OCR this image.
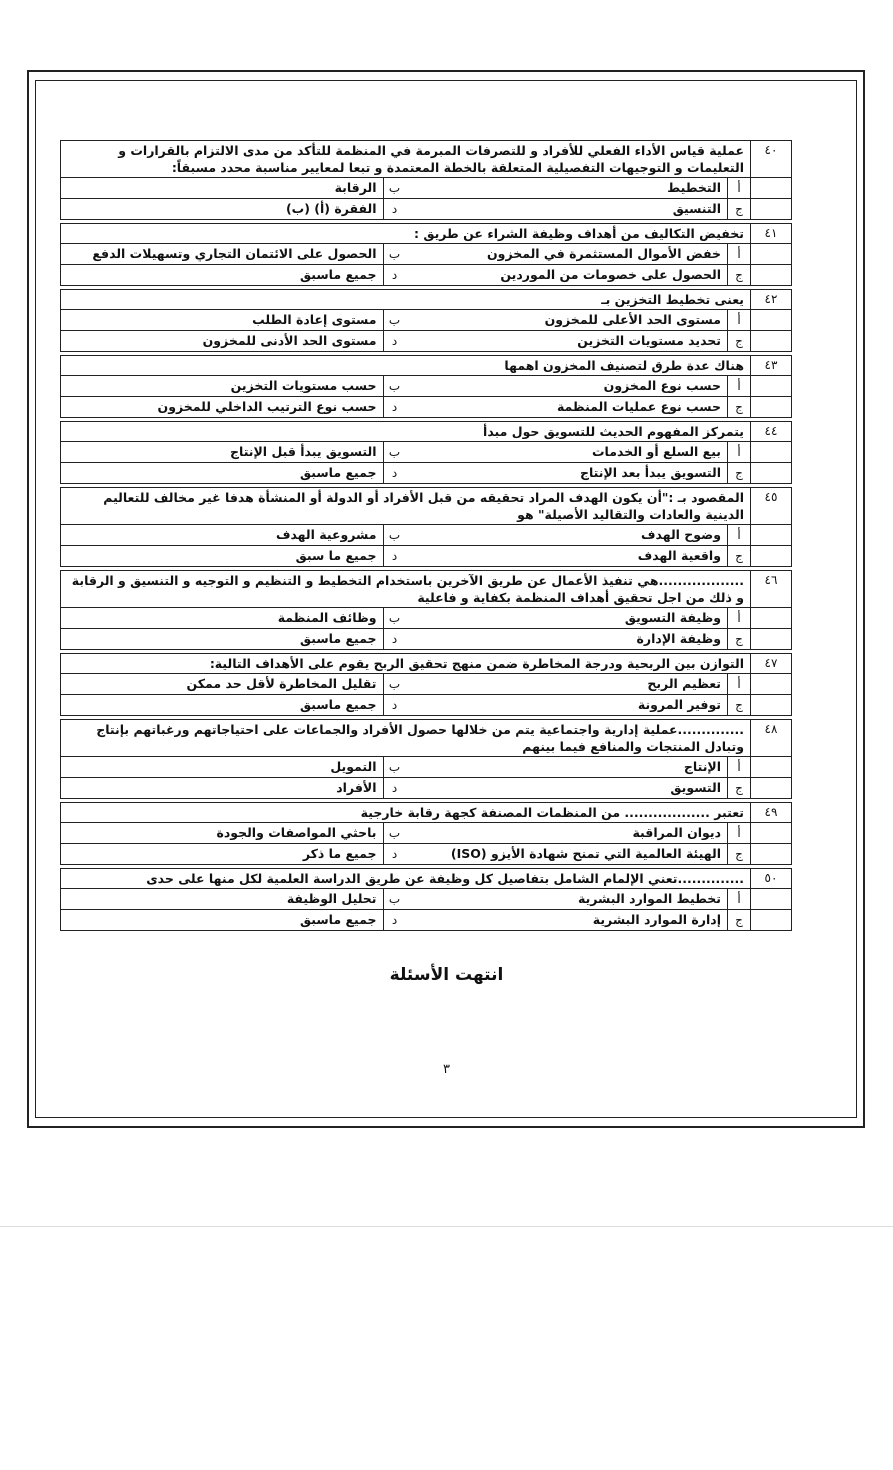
٤٠
عملية قياس الأداء الفعلي للأفراد و للتصرفات المبرمة في المنظمة للتأكد من مدى الالتزام بالقرارات و التعليمات و التوجيهات التفصيلية المتعلقة بالخطة المعتمدة و تبعا لمعايير مناسبة محدد مسبقاً:
أ
التخطيط
ب
الرقابة
ج
التنسيق
د
الفقرة (أ) (ب)
٤١
تخفيض التكاليف من أهداف وظيفة الشراء عن طريق :
أ
خفض الأموال المستثمرة في المخزون
ب
الحصول على الائتمان التجاري وتسهيلات الدفع
ج
الحصول على خصومات من الموردين
د
جميع ماسبق
٤٢
يعنى تخطيط التخزين بـ
أ
مستوى الحد الأعلى للمخزون
ب
مستوى إعادة الطلب
ج
تحديد مستويات التخزين
د
مستوى الحد الأدنى للمخزون
٤٣
هناك عدة طرق لتصنيف المخزون اهمها
أ
حسب نوع المخزون
ب
حسب مستويات التخزين
ج
حسب نوع عمليات المنظمة
د
حسب نوع الترتيب الداخلي للمخزون
٤٤
يتمركز المفهوم الحديث للتسويق حول مبدأ
أ
بيع السلع أو الخدمات
ب
التسويق يبدأ قبل الإنتاج
ج
التسويق يبدأ بعد الإنتاج
د
جميع ماسبق
٤٥
المقصود بـ :"أن يكون الهدف المراد تحقيقه من قبل الأفراد أو الدولة أو المنشأة هدفا غير مخالف للتعاليم الدينية والعادات والتقاليد الأصيلة" هو
أ
وضوح الهدف
ب
مشروعية الهدف
ج
واقعية الهدف
د
جميع ما سبق
٤٦
..................هي تنفيذ الأعمال عن طريق الآخرين باستخدام التخطيط و التنظيم و التوجيه و التنسيق و الرقابة و ذلك من اجل تحقيق أهداف المنظمة بكفاية و فاعلية
أ
وظيفة التسويق
ب
وظائف المنظمة
ج
وظيفة الإدارة
د
جميع ماسبق
٤٧
التوازن بين الربحية ودرجة المخاطرة ضمن منهج تحقيق الربح يقوم على الأهداف التالية:
أ
تعظيم الربح
ب
تقليل المخاطرة لأقل حد ممكن
ج
توفير المرونة
د
جميع ماسبق
٤٨
..............عملية إدارية واجتماعية يتم من خلالها حصول الأفراد والجماعات على احتياجاتهم ورغباتهم بإنتاج وتبادل المنتجات والمنافع فيما بينهم
أ
الإنتاج
ب
التمويل
ج
التسويق
د
الأفراد
٤٩
تعتبر .................. من المنظمات المصنفة كجهة رقابة خارجية
أ
ديوان المراقبة
ب
باحثي المواصفات والجودة
ج
الهيئة العالمية التي تمنح شهادة الأيزو (ISO)
د
جميع ما ذكر
٥٠
..............تعني الإلمام الشامل بتفاصيل كل وظيفة عن طريق الدراسة العلمية لكل منها على حدى
أ
تخطيط الموارد البشرية
ب
تحليل الوظيفة
ج
إدارة الموارد البشرية
د
جميع ماسبق
انتهت الأسئلة
٣
